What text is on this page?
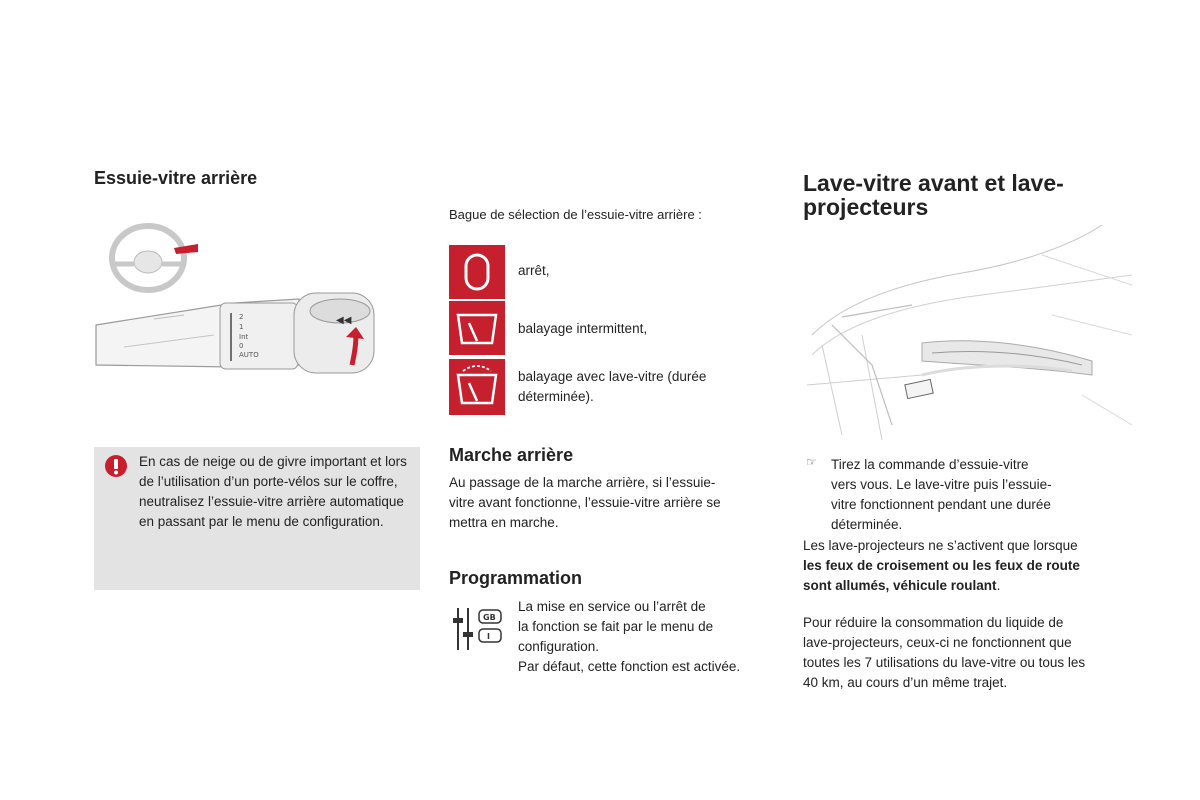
Essuie-vitre arrière
2
1
Int
0
AUTO
◀◀
En cas de neige ou de givre important et lors de l’utilisation d’un porte-vélos sur le coffre, neutralisez l’essuie-vitre arrière automatique en passant par le menu de configuration.
Bague de sélection de l’essuie-vitre arrière :
arrêt,
balayage intermittent,
balayage avec lave-vitre (durée
déterminée).
Marche arrière
Au passage de la marche arrière, si l’essuie-
vitre avant fonctionne, l’essuie-vitre arrière se
mettra en marche.
Programmation
GB
I
La mise en service ou l’arrêt de
la fonction se fait par le menu de
configuration.
Par défaut, cette fonction est activée.
Lave-vitre avant et lave-
projecteurs
☞ Tirez la commande d’essuie-vitre
vers vous. Le lave-vitre puis l’essuie-
vitre fonctionnent pendant une durée
déterminée.
Les lave-projecteurs ne s’activent que lorsque
les feux de croisement ou les feux de route
sont allumés, véhicule roulant.
Pour réduire la consommation du liquide de
lave-projecteurs, ceux-ci ne fonctionnent que
toutes les 7 utilisations du lave-vitre ou tous les
40 km, au cours d’un même trajet.
